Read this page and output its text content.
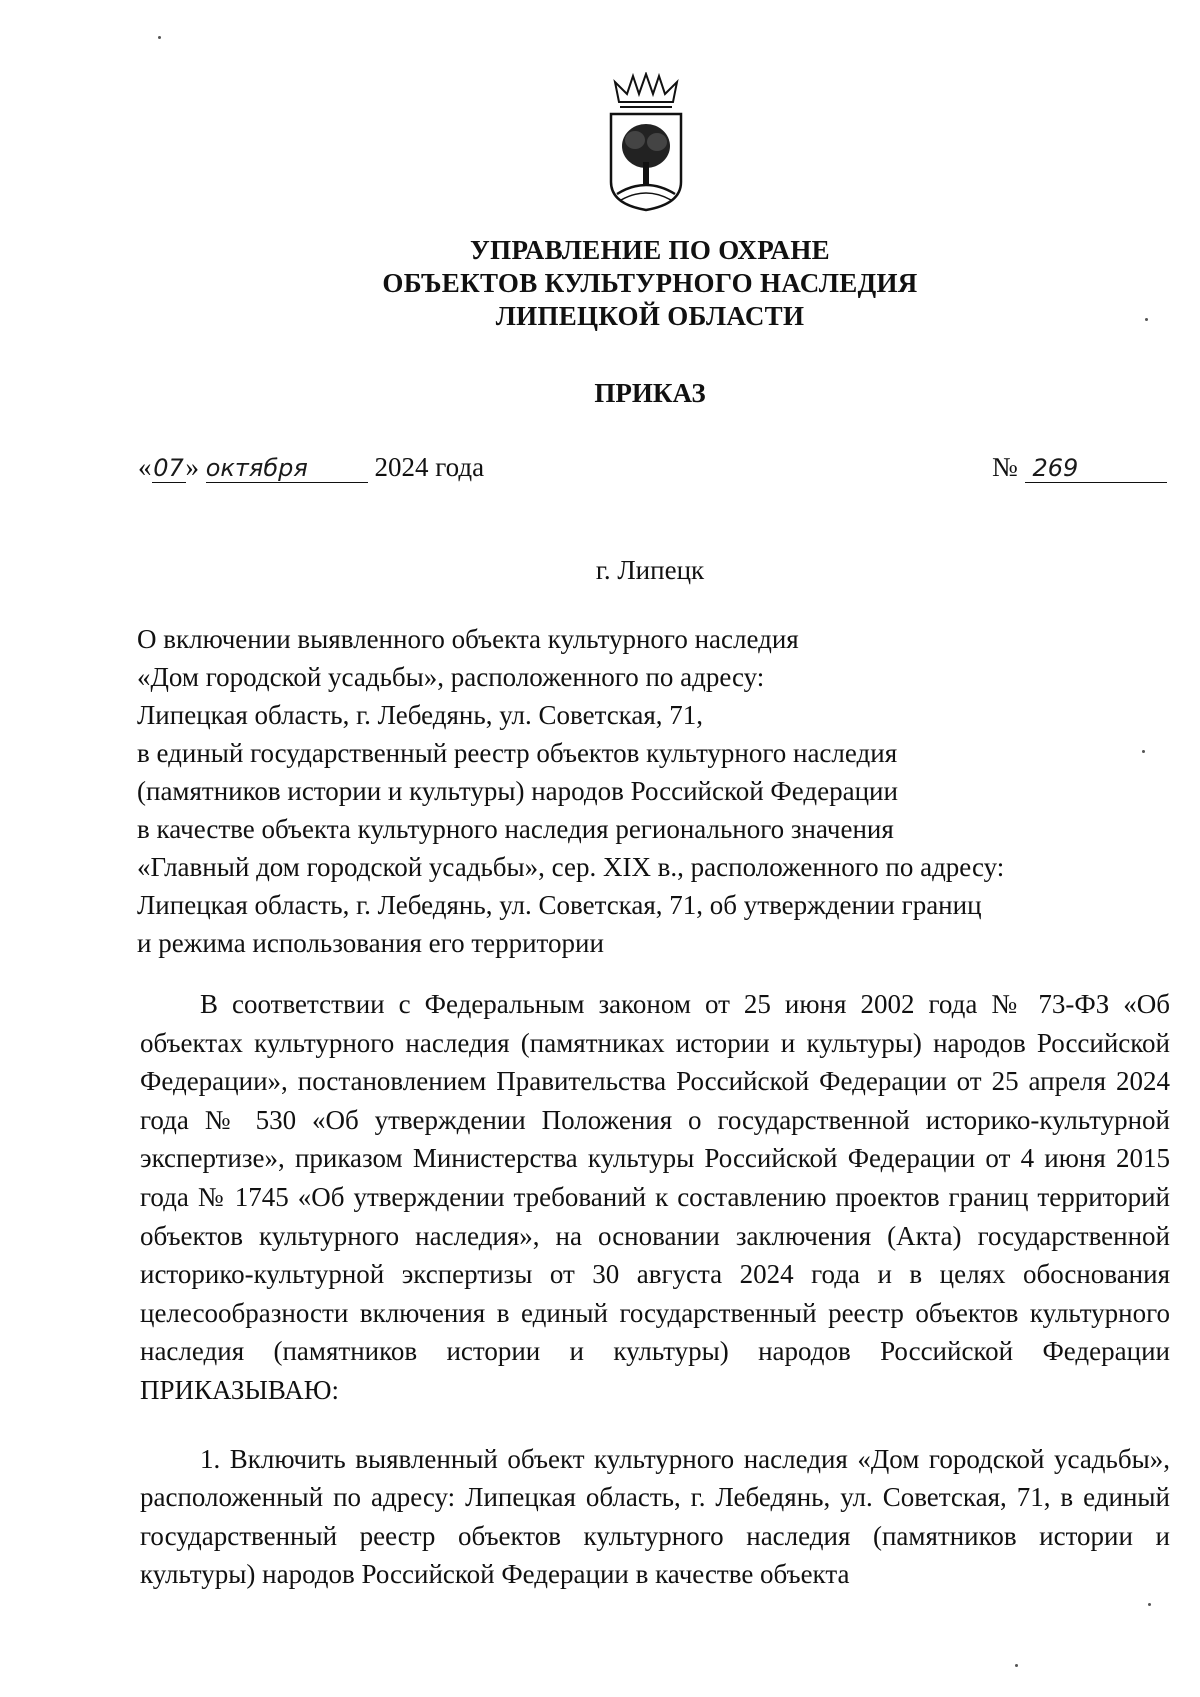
УПРАВЛЕНИЕ ПО ОХРАНЕ
ОБЪЕКТОВ КУЛЬТУРНОГО НАСЛЕДИЯ
ЛИПЕЦКОЙ ОБЛАСТИ
ПРИКАЗ
«07» октября 2024 года	№ 269
г. Липецк
О включении выявленного объекта культурного наследия
«Дом городской усадьбы», расположенного по адресу:
Липецкая область, г. Лебедянь, ул. Советская, 71,
в единый государственный реестр объектов культурного наследия
(памятников истории и культуры) народов Российской Федерации
в качестве объекта культурного наследия регионального значения
«Главный дом городской усадьбы», сер. XIX в., расположенного по адресу:
Липецкая область, г. Лебедянь, ул. Советская, 71, об утверждении границ
и режима использования его территории

В соответствии с Федеральным законом от 25 июня 2002 года № 73-ФЗ «Об объектах культурного наследия (памятниках истории и культуры) народов Российской Федерации», постановлением Правительства Российской Федерации от 25 апреля 2024 года № 530 «Об утверждении Положения о государственной историко-культурной экспертизе», приказом Министерства культуры Российской Федерации от 4 июня 2015 года № 1745 «Об утверждении требований к составлению проектов границ территорий объектов культурного наследия», на основании заключения (Акта) государственной историко-культурной экспертизы от 30 августа 2024 года и в целях обоснования целесообразности включения в единый государственный реестр объектов культурного наследия (памятников истории и культуры) народов Российской Федерации ПРИКАЗЫВАЮ:

1. Включить выявленный объект культурного наследия «Дом городской усадьбы», расположенный по адресу: Липецкая область, г. Лебедянь, ул. Советская, 71, в единый государственный реестр объектов культурного наследия (памятников истории и культуры) народов Российской Федерации в качестве объекта
